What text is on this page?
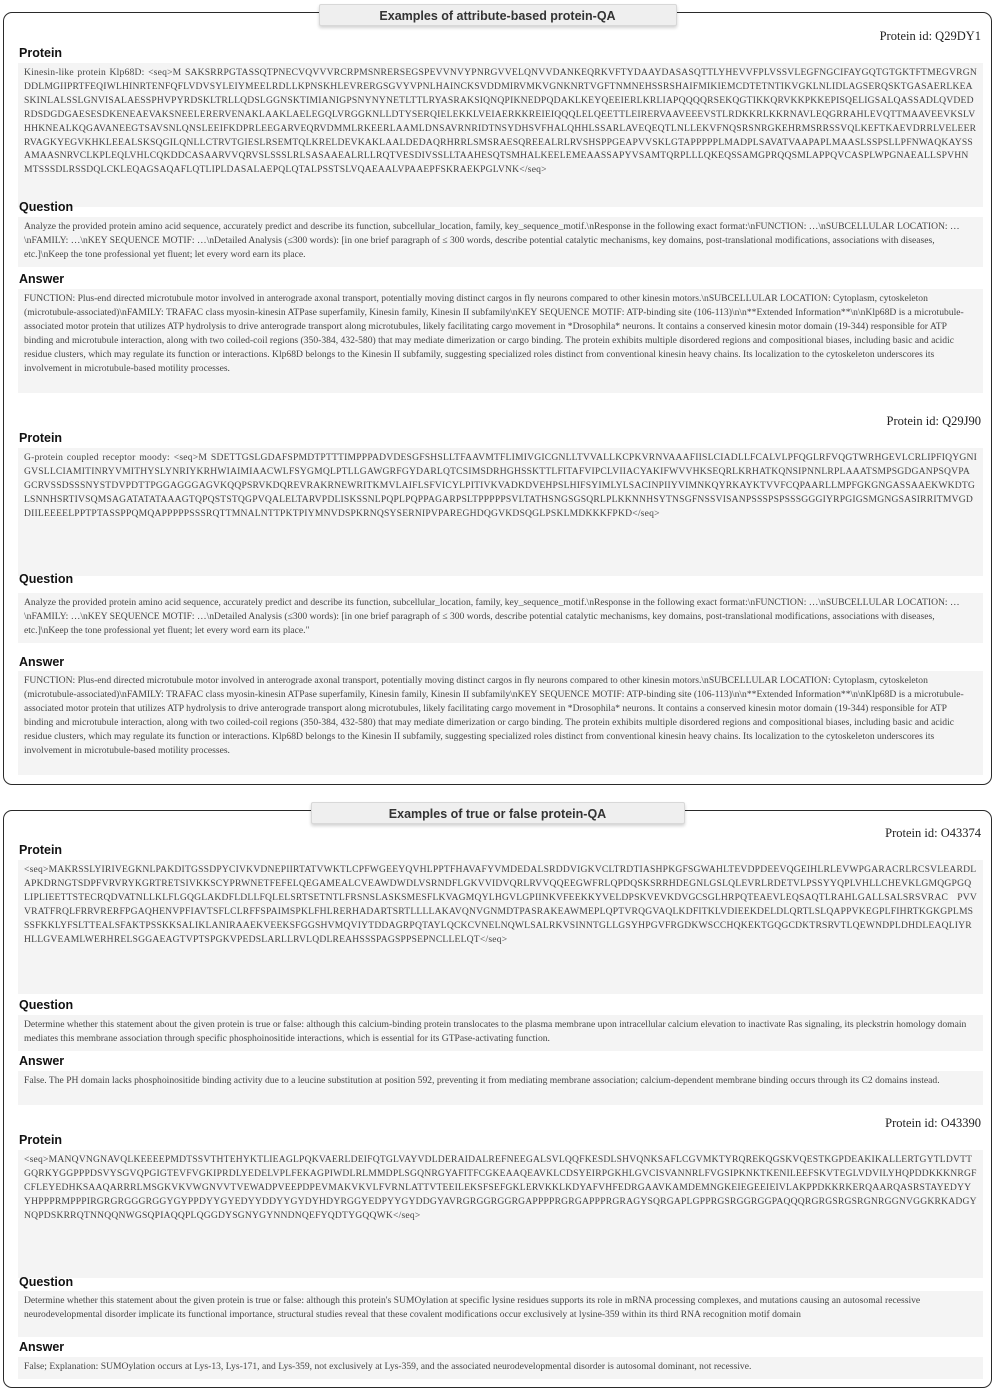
Examples of attribute-based protein-QA
Protein id: Q29DY1
Protein
Kinesin-like protein Klp68D: <seq>M SAKSRRPGTASSQTPNECVQVVVRCRPMSNRERSEGSPEVVNVYPNRGVVELQNVVDANKEQRKVFTYDAAYDASASQTTLYHEVVFPLVSSVLEGFNGCIFAYGQTGTGKTFTMEGVRGNDDLMGIIPRTFEQIWLHINRTENFQFLVDVSYLEIYMEELRDLLKPNSKHLEVRERGSGVYVPNLHAINCKSVDDMIRVMKVGNKNRTVGFTNMNEHSSRSHAIFMIKIEMCDTETNTIKVGKLNLIDLAGSERQSKTGASAERLKEASKINLALSSLGNVISALAESSPHVPYRDSKLTRLLQDSLGGNSKTIMIANIGPSNYNYNETLTTLRYASRAKSIQNQPIKNEDPQDAKLKEYQEEIERLKRLIAPQQQQRSEKQGTIKKQRVKKPKKEPISQELIGSALQASSADLQVDEDRDSDGDGAESESDKENEAEVAKSNEELERERVENAKLAAKLAELEGQLVRGGKNLLDTYSERQIELEKKLVEIAERKKREIEIQQQLELQEETTLEIRERVAAVEEEVSTLRDKKRLKKRNAVLEQGRRAHLEVQTTMAAVEEVKSLVHHKNEALKQGAVANEEGTSAVSNLQNSLEEIFKDPRLEEGARVEQRVDMMLRKEERLAAMLDNSAVRNRIDTNSYDHSVFHALQHHLSSARLAVEQEQTLNLLEKVFNQSRSNRGKEHRMSRRSSVQLKEFTKAEVDRRLVELEERRVAGKYEGVKHKLEEALSKSQGILQNLLCTRVTGIESLRSEMTQLKRELDEVKAKLAALDEDAQRHRRLSMSRAESQREEALRLRVSHSPPGEAPVVSKLGTAPPPPPLMADPLSAVATVAAPAPLMAASLSSPSLLPFNWAQKAYSSAMAASNRVCLKPLEQLVHLCQKDDCASAARVVQRVSLSSSLRLSASAAEALRLLRQTVESDIVSSLLTAAHESQTSMHALKEELEMEAASSAPYVSAMTQRPLLLQKEQSSAMGPRQQSMLAPPQVCASPLWPGNAEALLSPVHNMTSSSDLRSSDQLCKLEQAGSAQAFLQTLIPLDASALAEPQLQTALPSSTSLVQAEAALVPAAEPFSKRAEKPGLVNK</seq>
Question
Analyze the provided protein amino acid sequence, accurately predict and describe its function, subcellular_location, family, key_sequence_motif.\nResponse in the following exact format:\nFUNCTION: …\nSUBCELLULAR LOCATION: …\nFAMILY: …\nKEY SEQUENCE MOTIF: …\nDetailed Analysis (≤300 words): [in one brief paragraph of ≤ 300 words, describe potential catalytic mechanisms, key domains, post-translational modifications, associations with diseases, etc.]\nKeep the tone professional yet fluent; let every word earn its place.
Answer
FUNCTION: Plus-end directed microtubule motor involved in anterograde axonal transport, potentially moving distinct cargos in fly neurons compared to other kinesin motors.\nSUBCELLULAR LOCATION: Cytoplasm, cytoskeleton (microtubule-associated)\nFAMILY: TRAFAC class myosin-kinesin ATPase superfamily, Kinesin family, Kinesin II subfamily\nKEY SEQUENCE MOTIF: ATP-binding site (106-113)\n\n**Extended Information**\n\nKlp68D is a microtubule-associated motor protein that utilizes ATP hydrolysis to drive anterograde transport along microtubules, likely facilitating cargo movement in *Drosophila* neurons. It contains a conserved kinesin motor domain (19-344) responsible for ATP binding and microtubule interaction, along with two coiled-coil regions (350-384, 432-580) that may mediate dimerization or cargo binding. The protein exhibits multiple disordered regions and compositional biases, including basic and acidic residue clusters, which may regulate its function or interactions. Klp68D belongs to the Kinesin II subfamily, suggesting specialized roles distinct from conventional kinesin heavy chains. Its localization to the cytoskeleton underscores its involvement in microtubule-based motility processes.
Protein id: Q29J90
Protein
G-protein coupled receptor moody: <seq>M SDETTGSLGDAFSPMDTPTTTIMPPPADVDESGFSHSLLTFAAVMTFLIMIVGICGNLLTVVALLKCPKVRNVAAAFIISLCIADLLFCALVLPFQGLRFVQGTWRHGEVLCRLIPFIQYGNIGVSLLCIAMITINRYVMITHYSLYNRIYKRHWIAIMIAACWLFSYGMQLPTLLGAWGRFGYDARLQTCSIMSDRHGHSSKTTLFITAFVIPCLVIIACYAKIFWVVHKSEQRLKRHATKQNSIPNNLRPLAAATSMPSGDGANPSQVPAGCRVSSDSSSNYSTDVPDTTPGGAGGGAGVKQQPSRVKDQREVRAKRNEWRITKMVLAIFLSFVICYLPITIVKVADKDVEHPSLHIFSYIMLYLSACINPIIYVIMNKQYRKAYKTVVFCQPAARLLMPFGKGNGASSAAEKWKDTGLSNNHSRTIVSQMSAGATATATAAAGTQPQSTSTQGPVQALELTARVPDLISKSSNLPQPLPQPPAGARPSLTPPPPPSVLTATHSNGSGSQRLPLKKNNHSYTNSGFNSSVISANPSSSPSPSSSGGGIYRPGIGSMGNGSASIRRITMVGDDIILEEEELPPTPTASSPPQMQAPPPPPSSSRQTTMNALNTTPKTPIYMNVDSPKRNQSYSERNIPVPAREGHDQGVKDSQGLPSKLMDKKKFPKD</seq>
Question
Analyze the provided protein amino acid sequence, accurately predict and describe its function, subcellular_location, family, key_sequence_motif.\nResponse in the following exact format:\nFUNCTION: …\nSUBCELLULAR LOCATION: …\nFAMILY: …\nKEY SEQUENCE MOTIF: …\nDetailed Analysis (≤300 words): [in one brief paragraph of ≤ 300 words, describe potential catalytic mechanisms, key domains, post-translational modifications, associations with diseases, etc.]\nKeep the tone professional yet fluent; let every word earn its place."
Answer
FUNCTION: Plus-end directed microtubule motor involved in anterograde axonal transport, potentially moving distinct cargos in fly neurons compared to other kinesin motors.\nSUBCELLULAR LOCATION: Cytoplasm, cytoskeleton (microtubule-associated)\nFAMILY: TRAFAC class myosin-kinesin ATPase superfamily, Kinesin family, Kinesin II subfamily\nKEY SEQUENCE MOTIF: ATP-binding site (106-113)\n\n**Extended Information**\n\nKlp68D is a microtubule-associated motor protein that utilizes ATP hydrolysis to drive anterograde transport along microtubules, likely facilitating cargo movement in *Drosophila* neurons. It contains a conserved kinesin motor domain (19-344) responsible for ATP binding and microtubule interaction, along with two coiled-coil regions (350-384, 432-580) that may mediate dimerization or cargo binding. The protein exhibits multiple disordered regions and compositional biases, including basic and acidic residue clusters, which may regulate its function or interactions. Klp68D belongs to the Kinesin II subfamily, suggesting specialized roles distinct from conventional kinesin heavy chains. Its localization to the cytoskeleton underscores its involvement in microtubule-based motility processes.
Examples of true or false protein-QA
Protein id: O43374
Protein
<seq>MAKRSSLYIRIVEGKNLPAKDITGSSDPYCIVKVDNEPIIRTATVWKTLCPFWGEEYQVHLPPTFHAVAFYVMDEDALSRDDVIGKVCLTRDTIASHPKGFSGWAHLTEVDPDEEVQGEIHLRLEVWPGARACRLRCSVLEARDLAPKDRNGTSDPFVRVRYKGRTRETSIVKKSCYPRWNETFEFELQEGAMEALCVEAWDWDLVSRNDFLGKVVIDVQRLRVVQQEEGWFRLQPDQSKSRRHDEGNLGSLQLEVRLRDETVLPSSYYQPLVHLLCHEVKLGMQGPGQLIPLIEETTSTECRQDVATNLLKLFLGQGLAKDFLDLLFQLELSRTSETNTLFRSNSLASKSMESFLKVAGMQYLHGVLGPIINKVFEEKKYVELDPSKVEVKDVGCSGLHRPQTEAEVLEQSAQTLRAHLGALLSALSRSVRAC PVVVRATFRQLFRRVRERFPGAQHENVPFIAVTSFLCLRFFSPAIMSPKLFHLRERHADARTSRTLLLLAKAVQNVGNMDTPASRAKEAWMEPLQPTVRQGVAQLKDFITKLVDIEEKDELDLQRTLSLQAPPVKEGPLFIHRTKGKGPLMSSSFKKLYFSLTTEALSFAKTPSSKKSALIKLANIRAAEKVEEKSFGGSHVMQVIYTDDAGRPQTAYLQCKCVNELNQWLSALRKVSINNTGLLGSYHPGVFRGDKWSCCHQKEKTGQGCDKTRSRVTLQEWNDPLDHDLEAQLIYRHLLGVEAMLWERHRELSGGAEAGTVPTSPGKVPEDSLARLLRVLQDLREAHSSSPAGSPPSEPNCLLELQT</seq>
Question
Determine whether this statement about the given protein is true or false: although this calcium-binding protein translocates to the plasma membrane upon intracellular calcium elevation to inactivate Ras signaling, its pleckstrin homology domain mediates this membrane association through specific phosphoinositide interactions, which is essential for its GTPase-activating function.
Answer
False. The PH domain lacks phosphoinositide binding activity due to a leucine substitution at position 592, preventing it from mediating membrane association; calcium-dependent membrane binding occurs through its C2 domains instead.
Protein id: O43390
Protein
<seq>MANQVNGNAVQLKEEEEPMDTSSVTHTEHYKTLIEAGLPQKVAERLDEIFQTGLVAYVDLDERAIDALREFNEEGALSVLQQFKESDLSHVQNKSAFLCGVMKTYRQREKQGSKVQESTKGPDEAKIKALLERTGYTLDVTTGQRKYGGPPPDSVYSGVQPGIGTEVFVGKIPRDLYEDELVPLFEKAGPIWDLRLMMDPLSGQNRGYAFITFCGKEAAQEAVKLCDSYEIRPGKHLGVCISVANNRLFVGSIPKNKTKENILEEFSKVTEGLVDVILYHQPDDKKKNRGFCFLEYEDHKSAAQARRRLMSGKVKVWGNVVTVEWADPVEEPDPEVMAKVKVLFVRNLATTVTEEILEKSFSEFGKLERVKKLKDYAFVHFEDRGAAVKAMDEMNGKEIEGEEIEIVLAKPPDKKRKERQAARQASRSTAYEDYYYHPPPRMPPPIRGRGRGGGRGGYGYPPDYYGYEDYYDDYYGYDYHDYRGGYEDPYYGYDDGYAVRGRGGRGGRGAPPPPRGRGAPPPRGRAGYSQRGAPLGPPRGSRGGRGGPAQQQRGRGSRGSRGNRGGNVGGKRKADGYNQPDSKRRQTNNQQNWGSQPIAQQPLQGGDYSGNYGYNNDNQEFYQDTYGQQWK</seq>
Question
Determine whether this statement about the given protein is true or false: although this protein's SUMOylation at specific lysine residues supports its role in mRNA processing complexes, and mutations causing an autosomal recessive neurodevelopmental disorder implicate its functional importance, structural studies reveal that these covalent modifications occur exclusively at lysine-359 within its third RNA recognition motif domain
Answer
False; Explanation: SUMOylation occurs at Lys-13, Lys-171, and Lys-359, not exclusively at Lys-359, and the associated neurodevelopmental disorder is autosomal dominant, not recessive.
